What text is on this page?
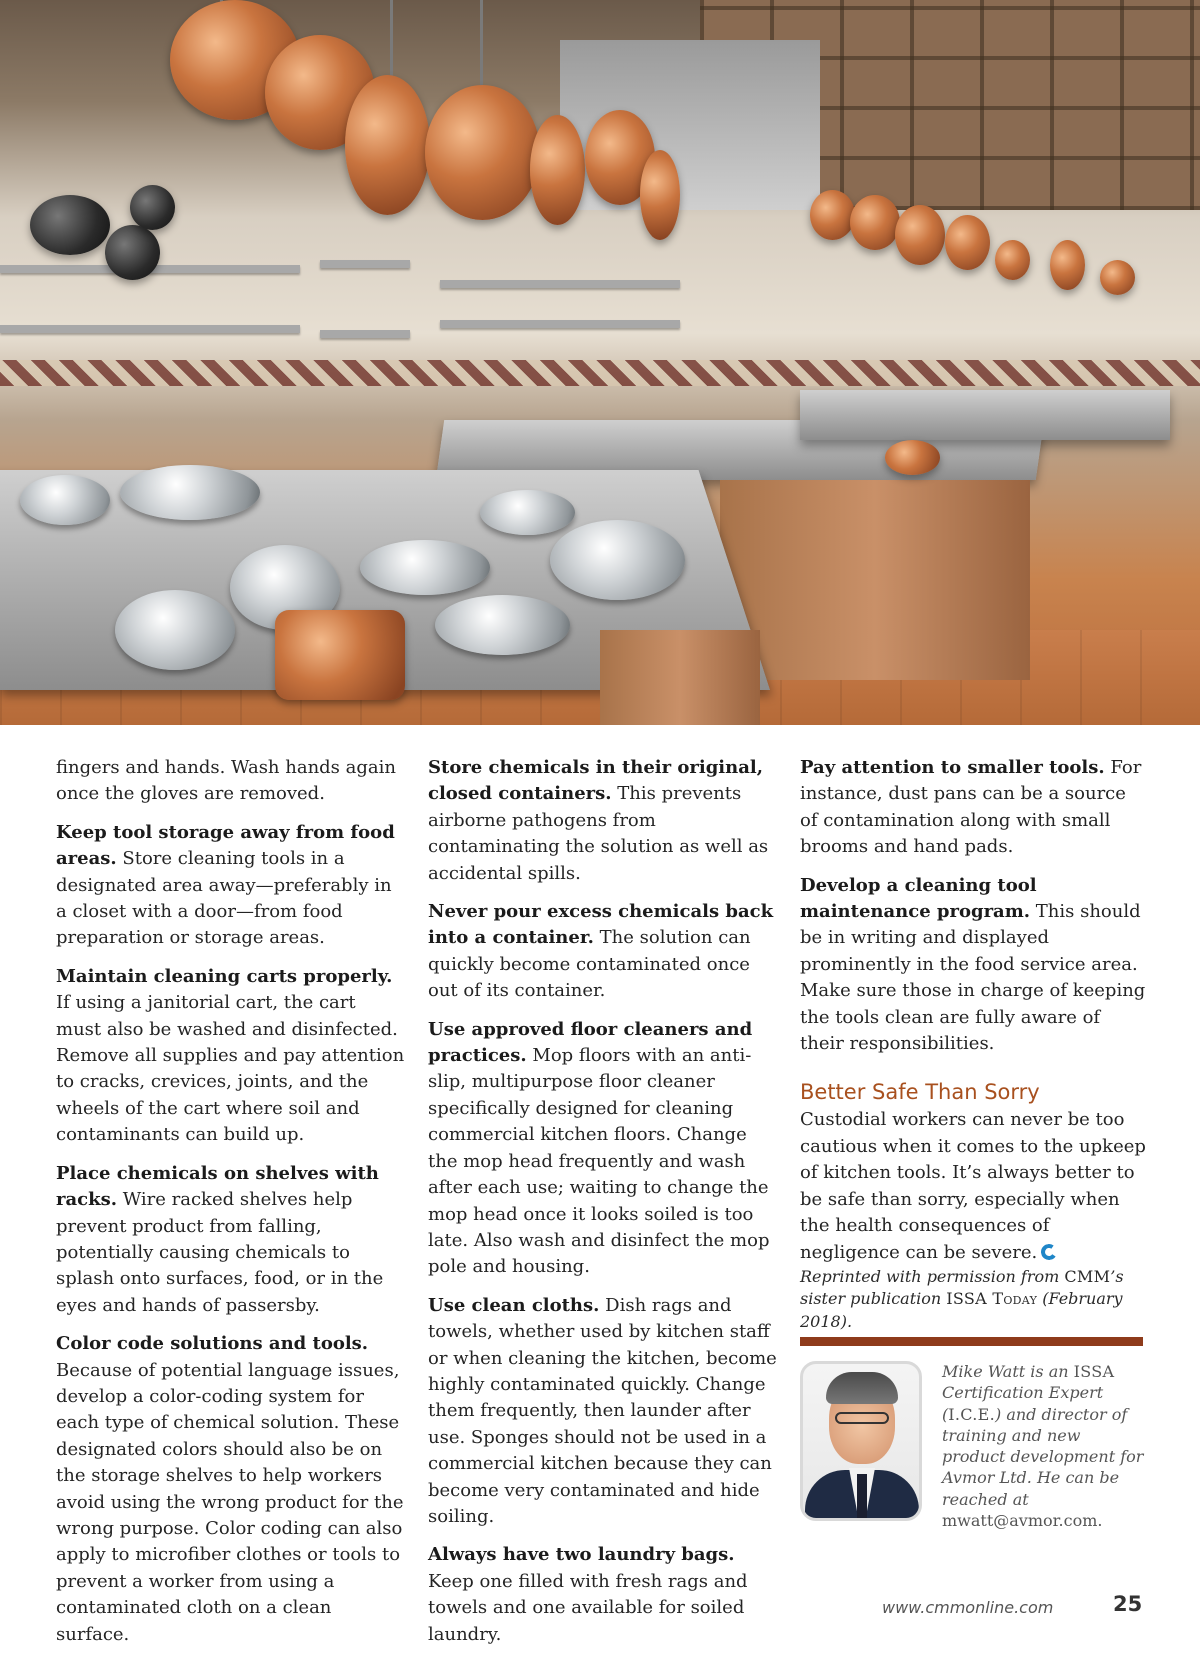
fingers and hands. Wash hands again once the gloves are removed.

Keep tool storage away from food areas. Store cleaning tools in a designated area away—preferably in a closet with a door—from food preparation or storage areas.

Maintain cleaning carts properly. If using a janitorial cart, the cart must also be washed and disinfected. Remove all supplies and pay attention to cracks, crevices, joints, and the wheels of the cart where soil and contaminants can build up.

Place chemicals on shelves with racks. Wire racked shelves help prevent product from falling, potentially causing chemicals to splash onto surfaces, food, or in the eyes and hands of passersby.

Color code solutions and tools. Because of potential language issues, develop a color-coding system for each type of chemical solution. These designated colors should also be on the storage shelves to help workers avoid using the wrong product for the wrong purpose. Color coding can also apply to microfiber clothes or tools to prevent a worker from using a contaminated cloth on a clean surface.

Store chemicals in their original, closed containers. This prevents airborne pathogens from contaminating the solution as well as accidental spills.

Never pour excess chemicals back into a container. The solution can quickly become contaminated once out of its container.

Use approved floor cleaners and practices. Mop floors with an anti-slip, multipurpose floor cleaner specifically designed for cleaning commercial kitchen floors. Change the mop head frequently and wash after each use; waiting to change the mop head once it looks soiled is too late. Also wash and disinfect the mop pole and housing.

Use clean cloths. Dish rags and towels, whether used by kitchen staff or when cleaning the kitchen, become highly contaminated quickly. Change them frequently, then launder after use. Sponges should not be used in a commercial kitchen because they can become very contaminated and hide soiling.

Always have two laundry bags. Keep one filled with fresh rags and towels and one available for soiled laundry.

Pay attention to smaller tools. For instance, dust pans can be a source of contamination along with small brooms and hand pads.

Develop a cleaning tool maintenance program. This should be in writing and displayed prominently in the food service area. Make sure those in charge of keeping the tools clean are fully aware of their responsibilities.

Better Safe Than Sorry

Custodial workers can never be too cautious when it comes to the upkeep of kitchen tools. It’s always better to be safe than sorry, especially when the health consequences of negligence can be severe.

Reprinted with permission from CMM’s sister publication ISSA Today (February 2018).

Mike Watt is an ISSA Certification Expert (I.C.E.) and director of training and new product development for Avmor Ltd. He can be reached at mwatt@avmor.com.
www.cmmonline.com	25
